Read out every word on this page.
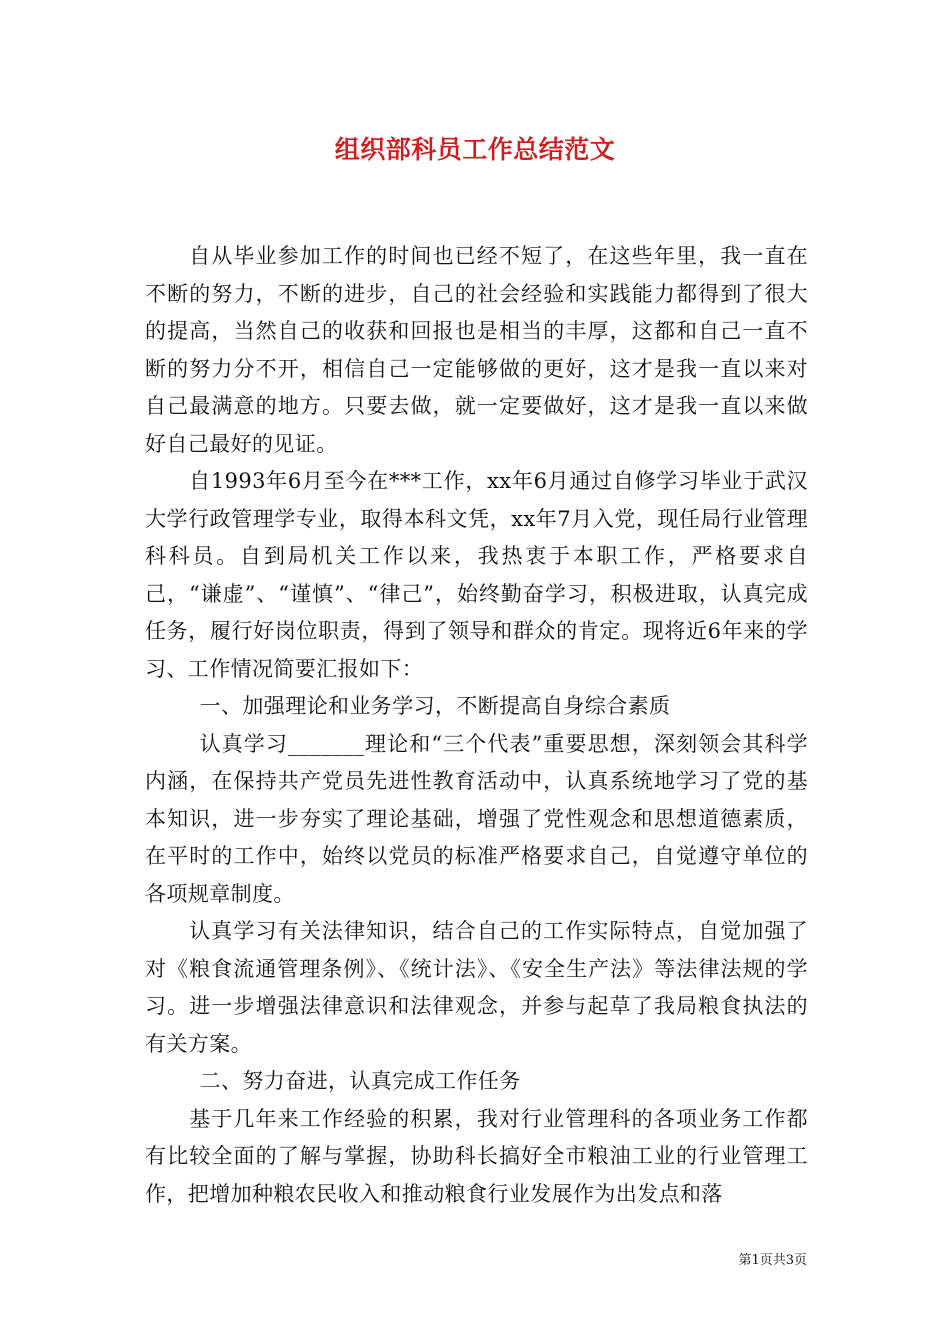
组织部科员工作总结范文

自从毕业参加工作的时间也已经不短了，在这些年里，我一直在不断的努力，不断的进步，自己的社会经验和实践能力都得到了很大的提高，当然自己的收获和回报也是相当的丰厚，这都和自己一直不断的努力分不开，相信自己一定能够做的更好，这才是我一直以来对自己最满意的地方。只要去做，就一定要做好，这才是我一直以来做好自己最好的见证。

自1993年6月至今在***工作，xx年6月通过自修学习毕业于武汉大学行政管理学专业，取得本科文凭，xx年7月入党，现任局行业管理科科员。自到局机关工作以来，我热衷于本职工作，严格要求自己，“谦虚”、“谨慎”、“律己”，始终勤奋学习，积极进取，认真完成任务，履行好岗位职责，得到了领导和群众的肯定。现将近6年来的学习、工作情况简要汇报如下：

一、加强理论和业务学习，不断提高自身综合素质

认真学习_______理论和“三个代表”重要思想，深刻领会其科学内涵，在保持共产党员先进性教育活动中，认真系统地学习了党的基本知识，进一步夯实了理论基础，增强了党性观念和思想道德素质，在平时的工作中，始终以党员的标准严格要求自己，自觉遵守单位的各项规章制度。

认真学习有关法律知识，结合自己的工作实际特点，自觉加强了对《粮食流通管理条例》、《统计法》、《安全生产法》等法律法规的学习。进一步增强法律意识和法律观念，并参与起草了我局粮食执法的有关方案。

二、努力奋进，认真完成工作任务

基于几年来工作经验的积累，我对行业管理科的各项业务工作都有比较全面的了解与掌握，协助科长搞好全市粮油工业的行业管理工作，把增加种粮农民收入和推动粮食行业发展作为出发点和落

第1页共3页
